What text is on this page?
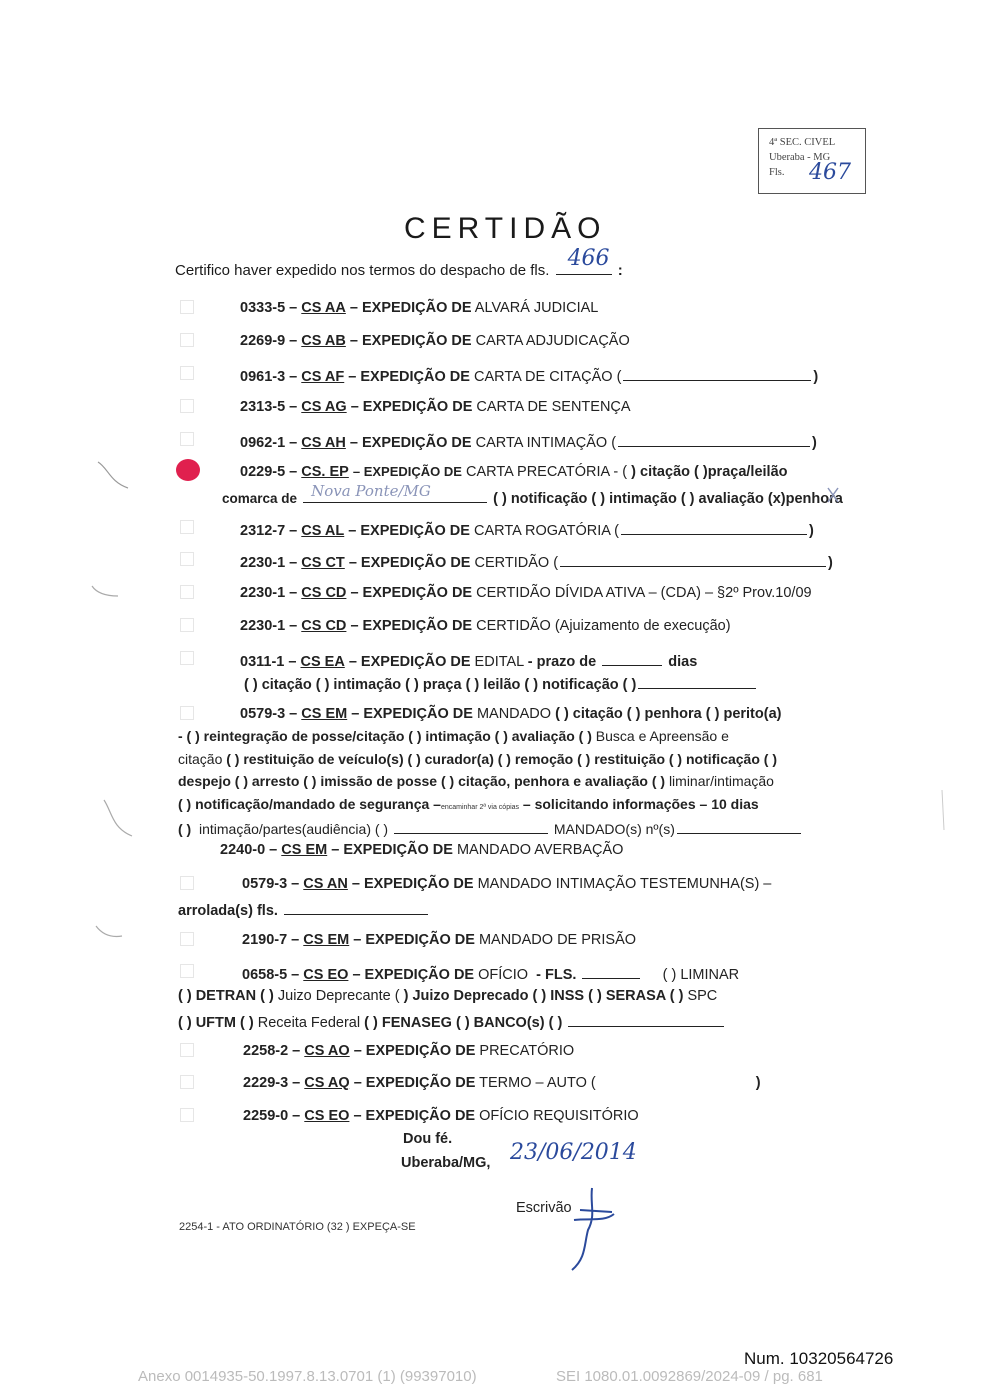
4ª SEC. CIVEL
Uberaba - MG
Fls.	467
CERTIDÃO
Certifico haver expedido nos termos do despacho de fls. 466 :
0333-5 – CS AA – EXPEDIÇÃO DE ALVARÁ JUDICIAL
2269-9 – CS AB – EXPEDIÇÃO DE CARTA ADJUDICAÇÃO
0961-3 – CS AF – EXPEDIÇÃO DE CARTA DE CITAÇÃO (	)
2313-5 – CS AG – EXPEDIÇÃO DE CARTA DE SENTENÇA
0962-1 – CS AH – EXPEDIÇÃO DE CARTA INTIMAÇÃO (	)
0229-5 – CS. EP – EXPEDIÇÃO DE CARTA PRECATÓRIA - ( ) citação ( )praça/leilão
comarca de Nova Ponte/MG	( ) notificação ( ) intimação ( ) avaliação (x)penhora
2312-7 – CS AL – EXPEDIÇÃO DE CARTA ROGATÓRIA (	)
2230-1 – CS CT – EXPEDIÇÃO DE CERTIDÃO (	)
2230-1 – CS CD – EXPEDIÇÃO DE CERTIDÃO DÍVIDA ATIVA – (CDA) – §2º Prov.10/09
2230-1 – CS CD – EXPEDIÇÃO DE CERTIDÃO (Ajuizamento de execução)
0311-1 – CS EA – EXPEDIÇÃO DE EDITAL - prazo de	dias
( ) citação ( ) intimação ( ) praça ( ) leilão ( ) notificação ( )
0579-3 – CS EM – EXPEDIÇÃO DE MANDADO ( ) citação ( ) penhora ( ) perito(a)
- ( ) reintegração de posse/citação ( ) intimação ( ) avaliação ( ) Busca e Apreensão e
citação ( ) restituição de veículo(s) ( ) curador(a) ( ) remoção ( ) restituição ( ) notificação ( )
despejo ( ) arresto ( ) imissão de posse ( ) citação, penhora e avaliação ( ) liminar/intimação
( ) notificação/mandado de segurança –encaminhar 2ª via cópias – solicitando informações – 10 dias
( ) intimação/partes(audiência) ( )	MANDADO(s) nº(s)
2240-0 – CS EM – EXPEDIÇÃO DE MANDADO AVERBAÇÃO
0579-3 – CS AN – EXPEDIÇÃO DE MANDADO INTIMAÇÃO TESTEMUNHA(S) –
arrolada(s) fls.
2190-7 – CS EM – EXPEDIÇÃO DE MANDADO DE PRISÃO
0658-5 – CS EO – EXPEDIÇÃO DE OFÍCIO - FLS.	( ) LIMINAR
( ) DETRAN ( ) Juizo Deprecante ( ) Juizo Deprecado ( ) INSS ( ) SERASA ( ) SPC
( ) UFTM ( ) Receita Federal ( ) FENASEG ( ) BANCO(s) ( )
2258-2 – CS AO – EXPEDIÇÃO DE PRECATÓRIO
2229-3 – CS AQ – EXPEDIÇÃO DE TERMO – AUTO (	)
2259-0 – CS EO – EXPEDIÇÃO DE OFÍCIO REQUISITÓRIO
Dou fé.
Uberaba/MG, 23/06/2014
Escrivão
2254-1 - ATO ORDINATÓRIO (32 ) EXPEÇA-SE
Num. 10320564726
Anexo 0014935-50.1997.8.13.0701 (1) (99397010)	SEI 1080.01.0092869/2024-09 / pg. 681
